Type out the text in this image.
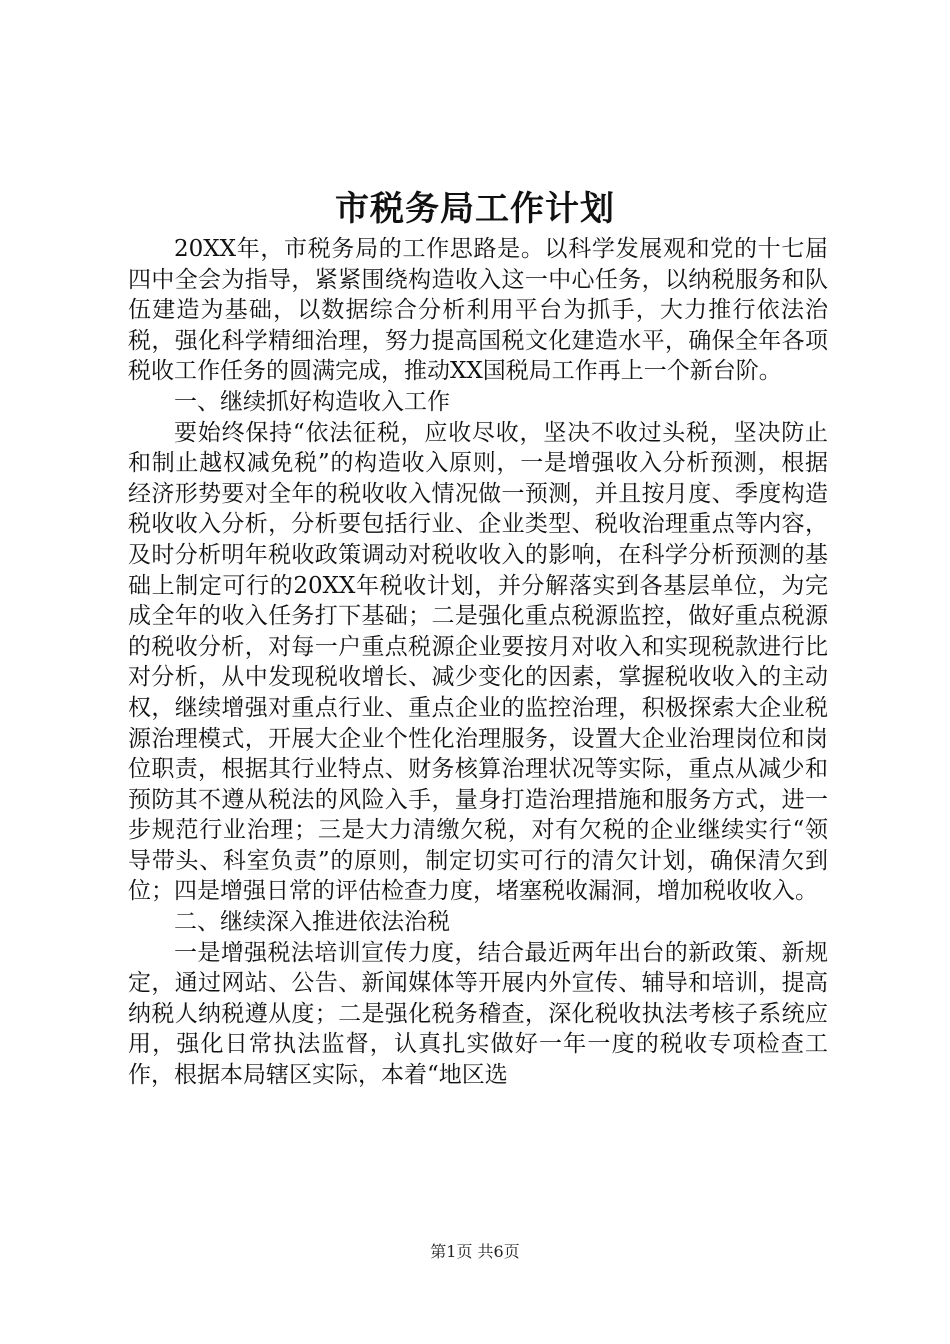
市税务局工作计划

20XX年，市税务局的工作思路是。以科学发展观和党的十七届四中全会为指导，紧紧围绕构造收入这一中心任务，以纳税服务和队伍建造为基础，以数据综合分析利用平台为抓手，大力推行依法治税，强化科学精细治理，努力提高国税文化建造水平，确保全年各项税收工作任务的圆满完成，推动XX国税局工作再上一个新台阶。

一、继续抓好构造收入工作

要始终保持“依法征税，应收尽收，坚决不收过头税，坚决防止和制止越权减免税”的构造收入原则，一是增强收入分析预测，根据经济形势要对全年的税收收入情况做一预测，并且按月度、季度构造税收收入分析，分析要包括行业、企业类型、税收治理重点等内容，及时分析明年税收政策调动对税收收入的影响，在科学分析预测的基础上制定可行的20XX年税收计划，并分解落实到各基层单位，为完成全年的收入任务打下基础；二是强化重点税源监控，做好重点税源的税收分析，对每一户重点税源企业要按月对收入和实现税款进行比对分析，从中发现税收增长、减少变化的因素，掌握税收收入的主动权，继续增强对重点行业、重点企业的监控治理，积极探索大企业税源治理模式，开展大企业个性化治理服务，设置大企业治理岗位和岗位职责，根据其行业特点、财务核算治理状况等实际，重点从减少和预防其不遵从税法的风险入手，量身打造治理措施和服务方式，进一步规范行业治理；三是大力清缴欠税，对有欠税的企业继续实行“领导带头、科室负责”的原则，制定切实可行的清欠计划，确保清欠到位；四是增强日常的评估检查力度，堵塞税收漏洞，增加税收收入。

二、继续深入推进依法治税

一是增强税法培训宣传力度，结合最近两年出台的新政策、新规定，通过网站、公告、新闻媒体等开展内外宣传、辅导和培训，提高纳税人纳税遵从度；二是强化税务稽查，深化税收执法考核子系统应用，强化日常执法监督，认真扎实做好一年一度的税收专项检查工作，根据本局辖区实际，本着“地区选

第1页 共6页
